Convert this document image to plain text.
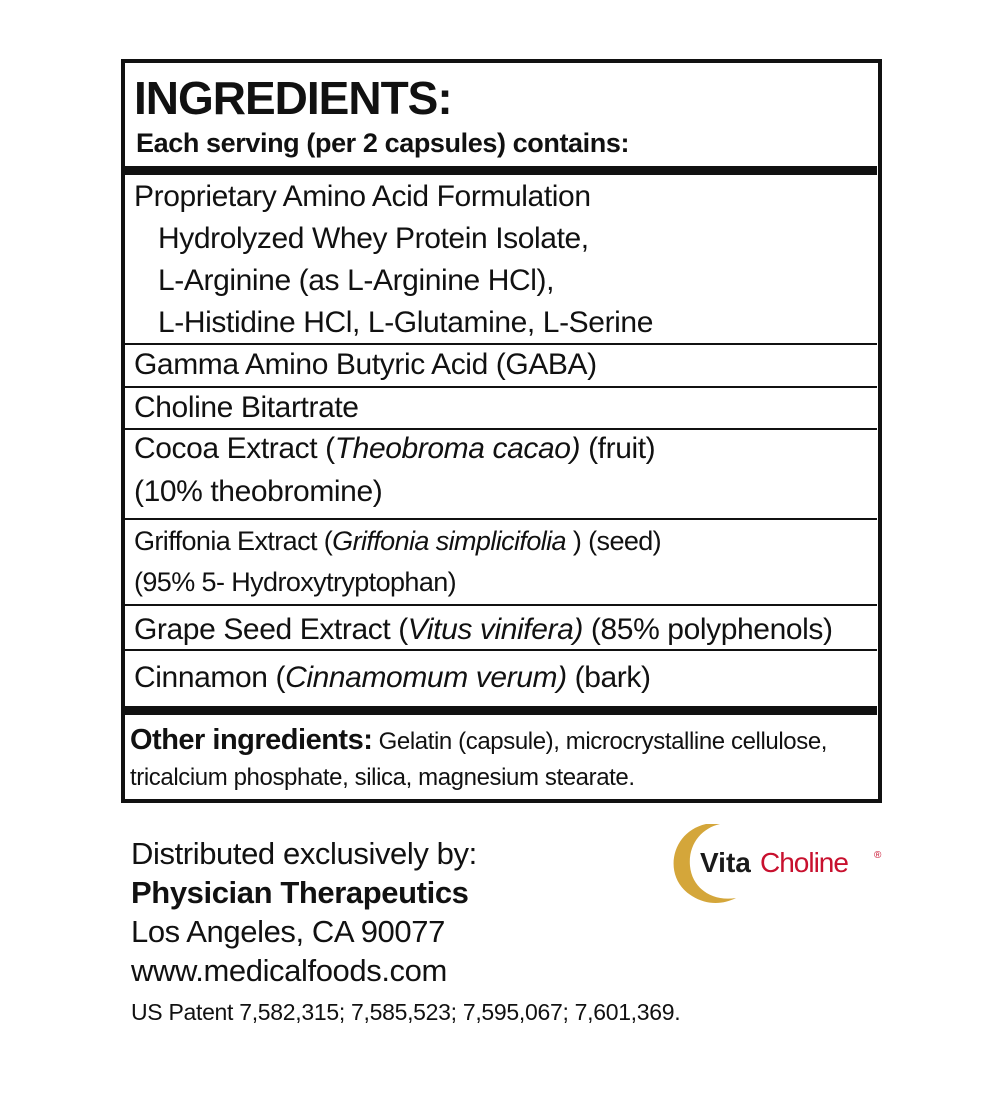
INGREDIENTS:
Each serving (per 2 capsules) contains:
Proprietary Amino Acid Formulation
Hydrolyzed Whey Protein Isolate,
L-Arginine (as L-Arginine HCl),
L-Histidine HCl, L-Glutamine, L-Serine
Gamma Amino Butyric Acid (GABA)
Choline Bitartrate
Cocoa Extract (Theobroma cacao) (fruit)
(10% theobromine)
Griffonia Extract (Griffonia simplicifolia ) (seed)
(95% 5- Hydroxytryptophan)
Grape Seed Extract (Vitus vinifera) (85% polyphenols)
Cinnamon (Cinnamomum verum) (bark)
Other ingredients: Gelatin (capsule), microcrystalline cellulose, tricalcium phosphate, silica, magnesium stearate.
Distributed exclusively by:
Physician Therapeutics
Los Angeles, CA 90077
www.medicalfoods.com
US Patent 7,582,315; 7,585,523; 7,595,067; 7,601,369.
Vita Choline	®
